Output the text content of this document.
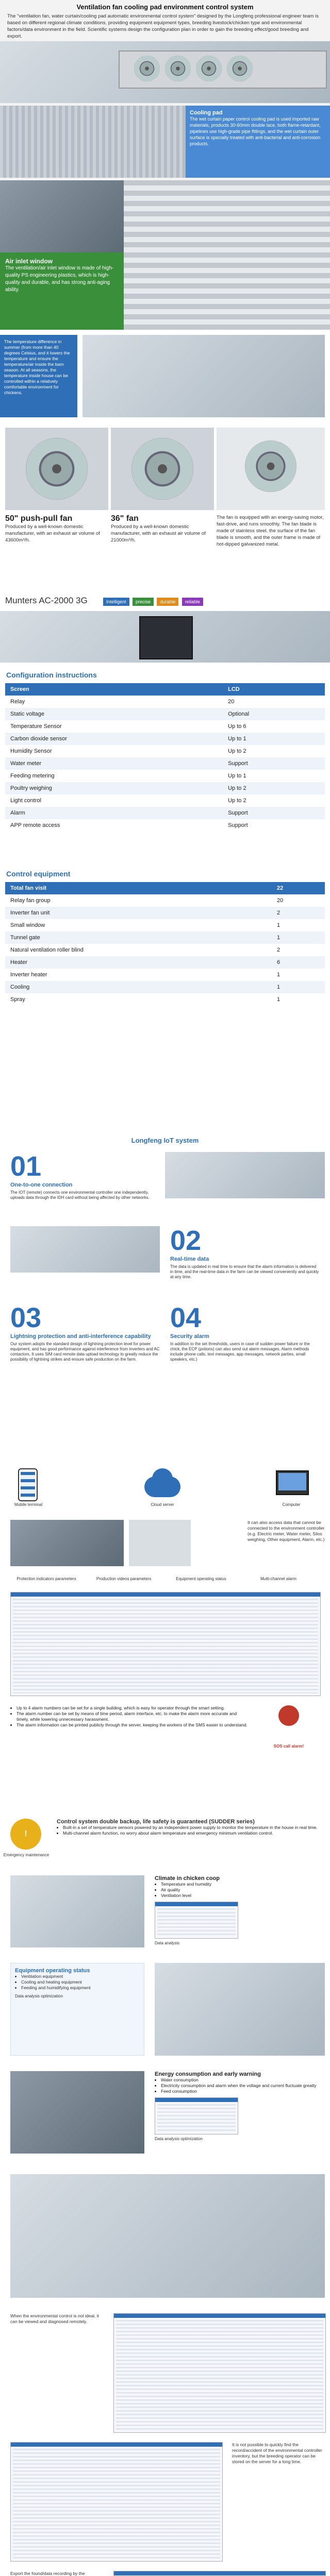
Ventilation fan cooling pad environment control system
The "ventilation fan, water curtain/cooling pad automatic environmental control system" designed by the Longfeng professional engineer team is based on different regional climate conditions, providing equipment equipment types, breeding livestock/chicken type and environmental factors/data environment in the field. Scientific systems design the configuration plan in order to gain the breeding effect/good breeding and export.
Cooling pad
The wet curtain paper control cooling pad is used imported raw materials, products 30-60mm double lace, both flame-retardant, pipelines use high-grade pipe fittings, and the wet curtain outer surface is specially treated with anti-bacterial and anti-corrosion products.
Air inlet window
The ventilation/air inlet window is made of high-quality PS engineering plastics, which is high-quality and durable, and has strong anti-aging ability.
The temperature difference in summer (from more than 40 degrees Celsius, and it lowers the temperature and ensure the temperature/air inside the barn season. At all seasons, the temperature inside house can be controlled within a relatively comfortable environment for chickens.
50" push-pull fan
Produced by a well-known domestic manufacturer, with an exhaust air volume of 43600m³/h.
36" fan
Produced by a well-known domestic manufacturer, with an exhaust air volume of 21000m³/h.
The fan is equipped with an energy-saving motor, fast-drive, and runs smoothly. The fan blade is made of stainless steel, the surface of the fan blade is smooth, and the outer frame is made of hot-dipped galvanized metal.
Munters AC-2000 3G	Intelligent precise durable reliable
Configuration instructions
Screen	LCD
Relay	20
Static voltage	Optional
Temperature Sensor	Up to 6
Carbon dioxide sensor	Up to 1
Humidity Sensor	Up to 2
Water meter	Support
Feeding metering	Up to 1
Poultry weighing	Up to 2
Light control	Up to 2
Alarm	Support
APP remote access	Support
Control equipment
Total fan visit	22
Relay fan group	20
Inverter fan unit	2
Small window	1
Tunnel gate	1
Natural ventilation roller blind	2
Heater	6
Inverter heater	1
Cooling	1
Spray	1
Longfeng IoT system
01
One-to-one connection
The IOT (remote) connects one environmental controller one independently, uploads data through the IDH card without being affected by other networks.
02
Real-time data
The data is updated in real time to ensure that the alarm information is delivered in time, and the real-time data in the farm can be viewed conveniently and quickly at any time.
03
Lightning protection and anti-interference capability
Our system adopts the standard design of lightning protection level for power equipment, and has good performance against interference from inverters and AC contactors. It uses SIM card remote data upload technology to greatly reduce the possibility of lightning strikes and ensure safe production on the farm.
04
Security alarm
In addition to the set thresholds, users in case of sudden power failure or the chick, the ECP (potions) can also send out alarm messages. Alarm methods include phone calls, text messages, app messages, network parties, small speakers, etc.)
Mobile terminal	Cloud server	Computer
It can also access data that cannot be connected to the environment controller (e.g. Electric meter, Water meter, Silos weighing, Other equipment, Alarm, etc.)
Protection indicators parameters	Production videos parameters	Equipment operating status	Multi-channel alarm
• Up to 4 alarm numbers can be set for a single building, which is easy for operator through the smart setting.
• The alarm number can be set by means of time period, alarm interface, etc. to make the alarm more accurate and timely, while lowering unnecessary harassment.
• The alarm information can be printed publicly through the server, keeping the workers of the SMS easier to understand.
SOS call alarm!
!
Emergency maintenance
Control system double backup, life safety is guaranteed (SUDDER series)
• Built-in a set of temperature sensors powered by an independent power supply to monitor the temperature in the house in real time.
• Multi-channel alarm function, no worry about alarm temperature and emergency minimum ventilation control.
Climate in chicken coop
• Temperature and humidity
• Air quality
• Ventilation level
Data analysis
Equipment operating status
• Ventilation equipment
• Cooling and heating equipment
• Feeding and humidifying equipment
Data analysis optimization
Energy consumption and early warning
• Water consumption
• Electricity consumption and alarm when the voltage and current fluctuate greatly
• Feed consumption
Data analysis optimization
When the environmental control is not ideal, it can be viewed and diagnosed remotely.
It is not possible to quickly find the record/accident of the environmental controller inventory, but the breeding operator can be stored on the server for a long time.
Export the found/data recording by the
